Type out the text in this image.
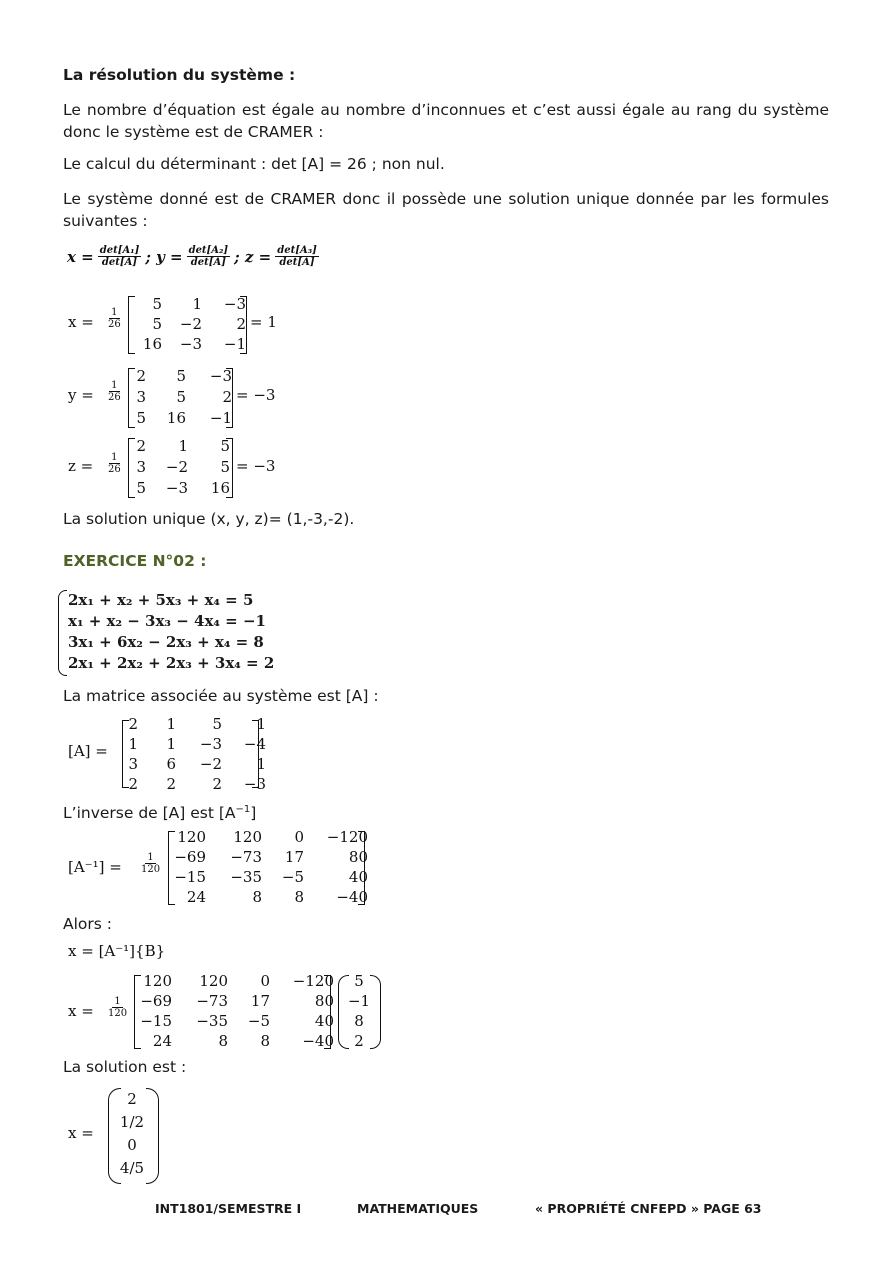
La résolution du système :
Le nombre d’équation est égale au nombre d’inconnues et c’est aussi égale au rang du système donc le système est de CRAMER :
Le calcul du déterminant : det [A] = 26 ; non nul.
Le système donné est de CRAMER donc il possède une solution unique donnée par les formules suivantes :
$x = \frac{\text{det[A₁]}}{\det[A]}$ ; $y = \frac{\text{det[A₂]}}{\det[A]}$ ; $z = \frac{\text{det[A₃]}}{\det[A]}$
$x = \frac{1}{26}$
5	1	−3
5	−2	2
16	−3	−1
= 1
$y = \frac{1}{26}$
2	5	−3
3	5	2
5	16	−1
= −3
$z = \frac{1}{26}$
2	1	5
3	−2	5
5	−3	16
= −3
La solution unique (x, y, z)= (1,-3,-2).
EXERCICE N°02 :
2x₁ + x₂ + 5x₃ + x₄ = 5
x₁ + x₂ − 3x₃ − 4x₄ = −1
3x₁ + 6x₂ − 2x₃ + x₄ = 8
2x₁ + 2x₂ + 2x₃ + 3x₄ = 2
La matrice associée au système est [A] :
[A] =
2	1	5	1
1	1	−3	−4
3	6	−2	1
2	2	2	−3
L’inverse de [A] est $[A^{-1}]$
$[A^{-1}] = \frac{1}{120}$
120	120	0	−120
−69	−73	17	80
−15	−35	−5	40
24	8	8	−40
Alors :
x = [A⁻¹]{B}
$x = \frac{1}{120}$
120	120	0	−120
−69	−73	17	80
−15	−35	−5	40
24	8	8	−40
5
−1
8
2
La solution est :
x =
2
1/2
0
4/5
INT1801/SEMESTRE I	MATHEMATIQUES	« PROPRIÉTÉ CNFEPD » PAGE 63
